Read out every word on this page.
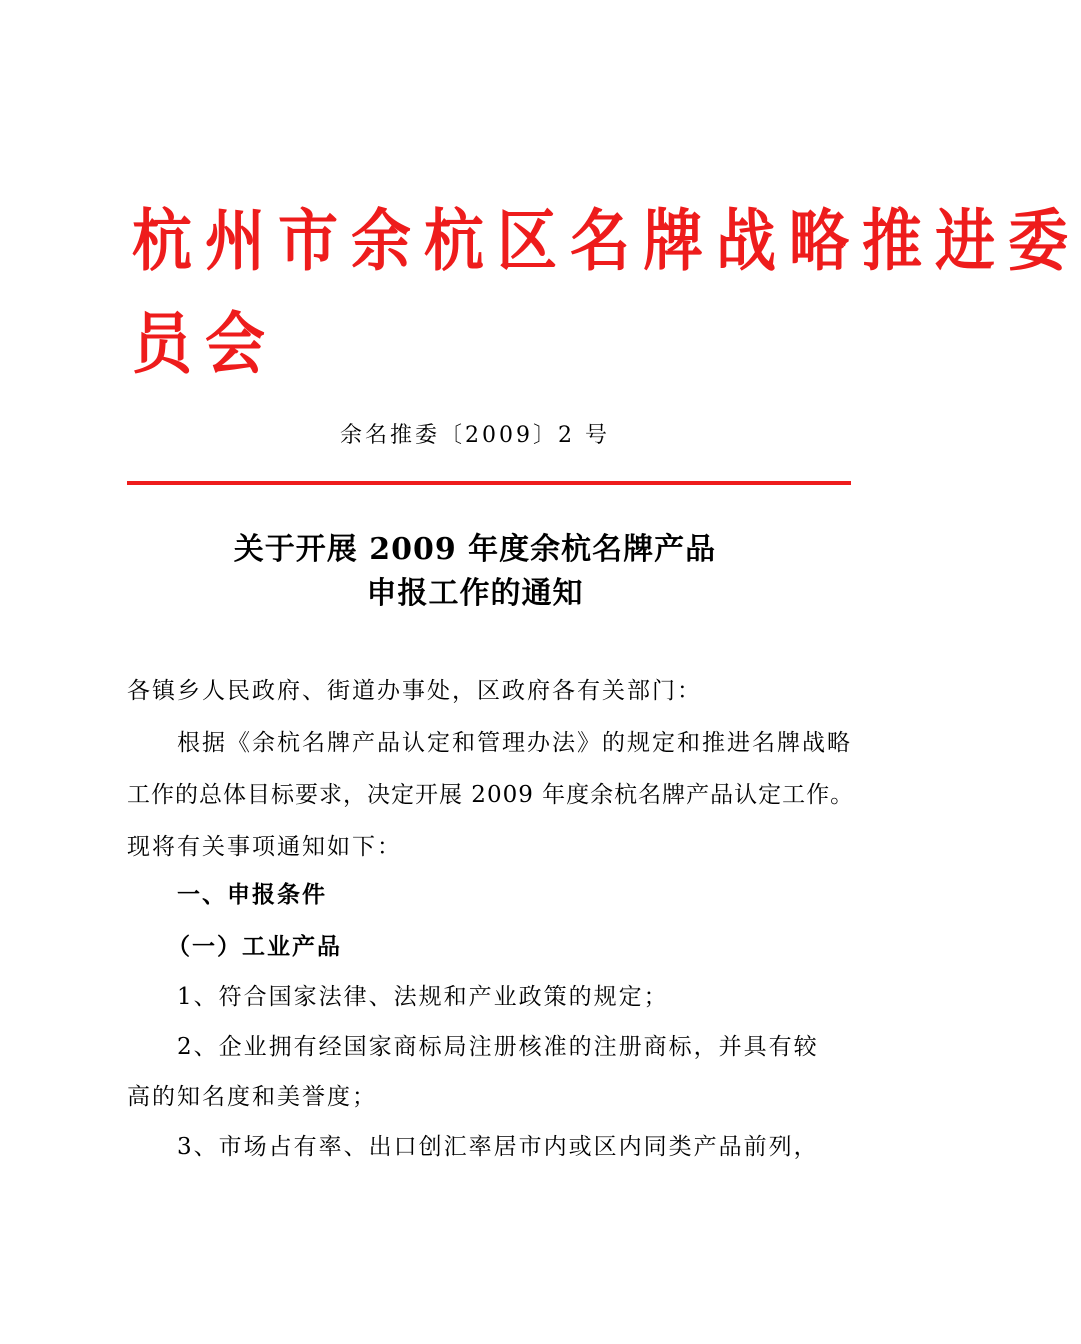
杭州市余杭区名牌战略推进委
员会
余名推委〔2009〕2 号
关于开展 2009 年度余杭名牌产品
申报工作的通知
各镇乡人民政府、街道办事处，区政府各有关部门：
根据《余杭名牌产品认定和管理办法》的规定和推进名牌战略
工作的总体目标要求，决定开展 2009 年度余杭名牌产品认定工作。
现将有关事项通知如下：
一、申报条件
（一）工业产品
1、符合国家法律、法规和产业政策的规定；
2、企业拥有经国家商标局注册核准的注册商标，并具有较
高的知名度和美誉度；
3、市场占有率、出口创汇率居市内或区内同类产品前列，
